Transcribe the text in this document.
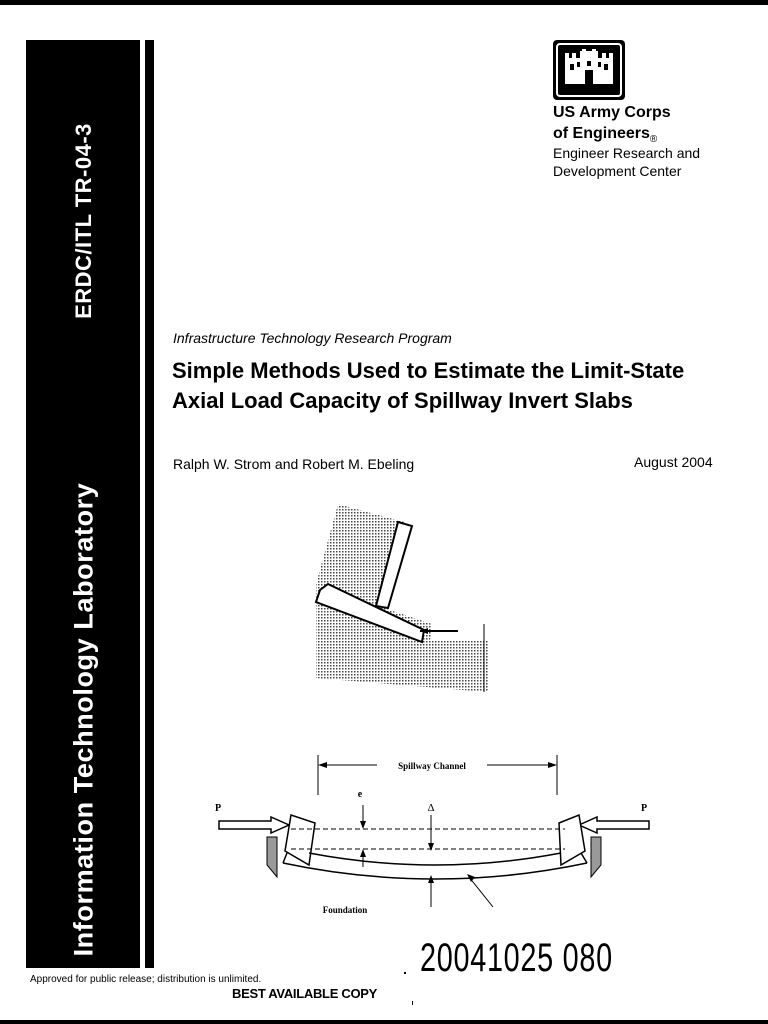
ERDC/ITL TR-04-3
Information Technology Laboratory
US Army Corps
of Engineers$_®$
Engineer Research and
Development Center
Infrastructure Technology Research Program
Simple Methods Used to Estimate the Limit-State Axial Load Capacity of Spillway Invert Slabs
Ralph W. Strom and Robert M. Ebeling	August 2004
Spillway Channel
P	P
e
Δ
Foundation
Approved for public release; distribution is unlimited.
BEST AVAILABLE COPY
20041025 080
